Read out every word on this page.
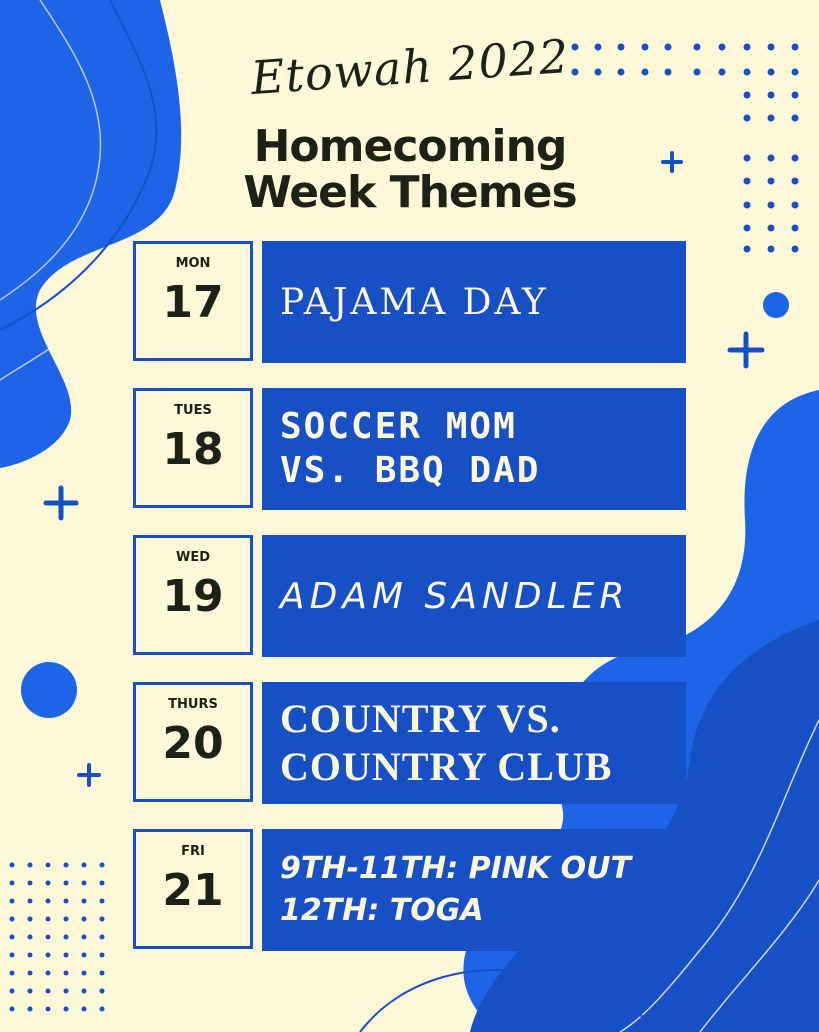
Etowah 2022
Homecoming
Week Themes
MON
17	PAJAMA DAY
TUES
18	SOCCER MOM
VS. BBQ DAD
WED
19	ADAM SANDLER
THURS
20	COUNTRY VS.
COUNTRY CLUB
FRI
21	9TH-11TH: PINK OUT
12TH: TOGA
